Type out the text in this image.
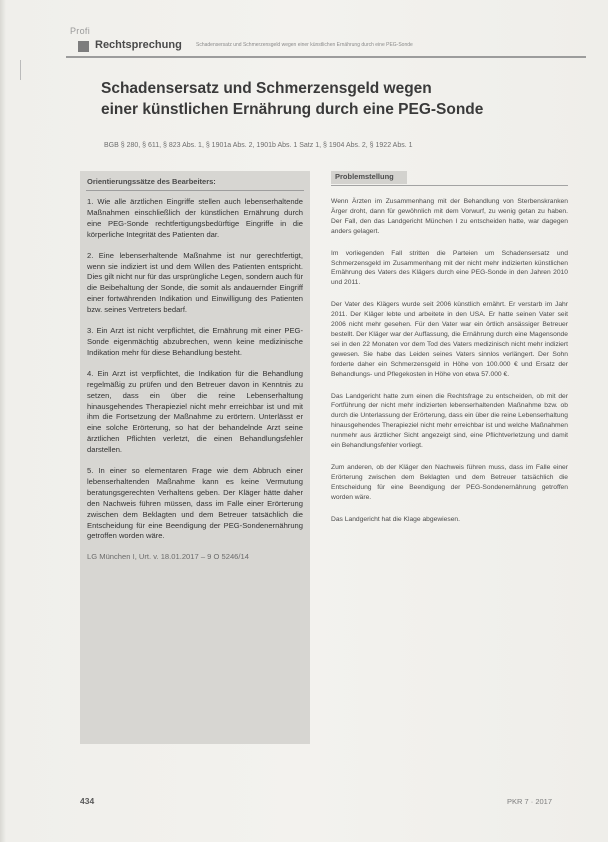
Profi
Rechtsprechung	Schadensersatz und Schmerzensgeld wegen einer künstlichen Ernährung durch eine PEG-Sonde
Schadensersatz und Schmerzensgeld wegen
einer künstlichen Ernährung durch eine PEG-Sonde
BGB § 280, § 611, § 823 Abs. 1, § 1901a Abs. 2, 1901b Abs. 1 Satz 1, § 1904 Abs. 2, § 1922 Abs. 1
Orientierungssätze des Bearbeiters:

1. Wie alle ärztlichen Eingriffe stellen auch lebenserhaltende Maßnahmen einschließlich der künstlichen Ernährung durch eine PEG-Sonde rechtfertigungsbedürftige Eingriffe in die körperliche Integrität des Patienten dar.

2. Eine lebenserhaltende Maßnahme ist nur gerechtfertigt, wenn sie indiziert ist und dem Willen des Patienten entspricht. Dies gilt nicht nur für das ursprüngliche Legen, sondern auch für die Beibehaltung der Sonde, die somit als andauernder Eingriff einer fortwährenden Indikation und Einwilligung des Patienten bzw. seines Vertreters bedarf.

3. Ein Arzt ist nicht verpflichtet, die Ernährung mit einer PEG-Sonde eigenmächtig abzubrechen, wenn keine medizinische Indikation mehr für diese Behandlung besteht.

4. Ein Arzt ist verpflichtet, die Indikation für die Behandlung regelmäßig zu prüfen und den Betreuer davon in Kenntnis zu setzen, dass ein über die reine Lebenserhaltung hinausgehendes Therapieziel nicht mehr erreichbar ist und mit ihm die Fortsetzung der Maßnahme zu erörtern. Unterlässt er eine solche Erörterung, so hat der behandelnde Arzt seine ärztlichen Pflichten verletzt, die einen Behandlungsfehler darstellen.

5. In einer so elementaren Frage wie dem Abbruch einer lebenserhaltenden Maßnahme kann es keine Vermutung beratungsgerechten Verhaltens geben. Der Kläger hätte daher den Nachweis führen müssen, dass im Falle einer Erörterung zwischen dem Beklagten und dem Betreuer tatsächlich die Entscheidung für eine Beendigung der PEG-Sondenernährung getroffen worden wäre.

LG München I, Urt. v. 18.01.2017 – 9 O 5246/14

Problemstellung

Wenn Ärzten im Zusammenhang mit der Behandlung von Sterbenskranken Ärger droht, dann für gewöhnlich mit dem Vorwurf, zu wenig getan zu haben. Der Fall, den das Landgericht München I zu entscheiden hatte, war dagegen anders gelagert.

Im vorliegenden Fall stritten die Parteien um Schadensersatz und Schmerzensgeld im Zusammenhang mit der nicht mehr indizierten künstlichen Ernährung des Vaters des Klägers durch eine PEG-Sonde in den Jahren 2010 und 2011.

Der Vater des Klägers wurde seit 2006 künstlich ernährt. Er verstarb im Jahr 2011. Der Kläger lebte und arbeitete in den USA. Er hatte seinen Vater seit 2006 nicht mehr gesehen. Für den Vater war ein örtlich ansässiger Betreuer bestellt. Der Kläger war der Auffassung, die Ernährung durch eine Magensonde sei in den 22 Monaten vor dem Tod des Vaters medizinisch nicht mehr indiziert gewesen. Sie habe das Leiden seines Vaters sinnlos verlängert. Der Sohn forderte daher ein Schmerzensgeld in Höhe von 100.000 € und Ersatz der Behandlungs- und Pflegekosten in Höhe von etwa 57.000 €.

Das Landgericht hatte zum einen die Rechtsfrage zu entscheiden, ob mit der Fortführung der nicht mehr indizierten lebenserhaltenden Maßnahme bzw. ob durch die Unterlassung der Erörterung, dass ein über die reine Lebenserhaltung hinausgehendes Therapieziel nicht mehr erreichbar ist und welche Maßnahmen nunmehr aus ärztlicher Sicht angezeigt sind, eine Pflichtverletzung und damit ein Behandlungsfehler vorliegt.

Zum anderen, ob der Kläger den Nachweis führen muss, dass im Falle einer Erörterung zwischen dem Beklagten und dem Betreuer tatsächlich die Entscheidung für eine Beendigung der PEG-Sondenernährung getroffen worden wäre.

Das Landgericht hat die Klage abgewiesen.

434	PKR 7 · 2017
